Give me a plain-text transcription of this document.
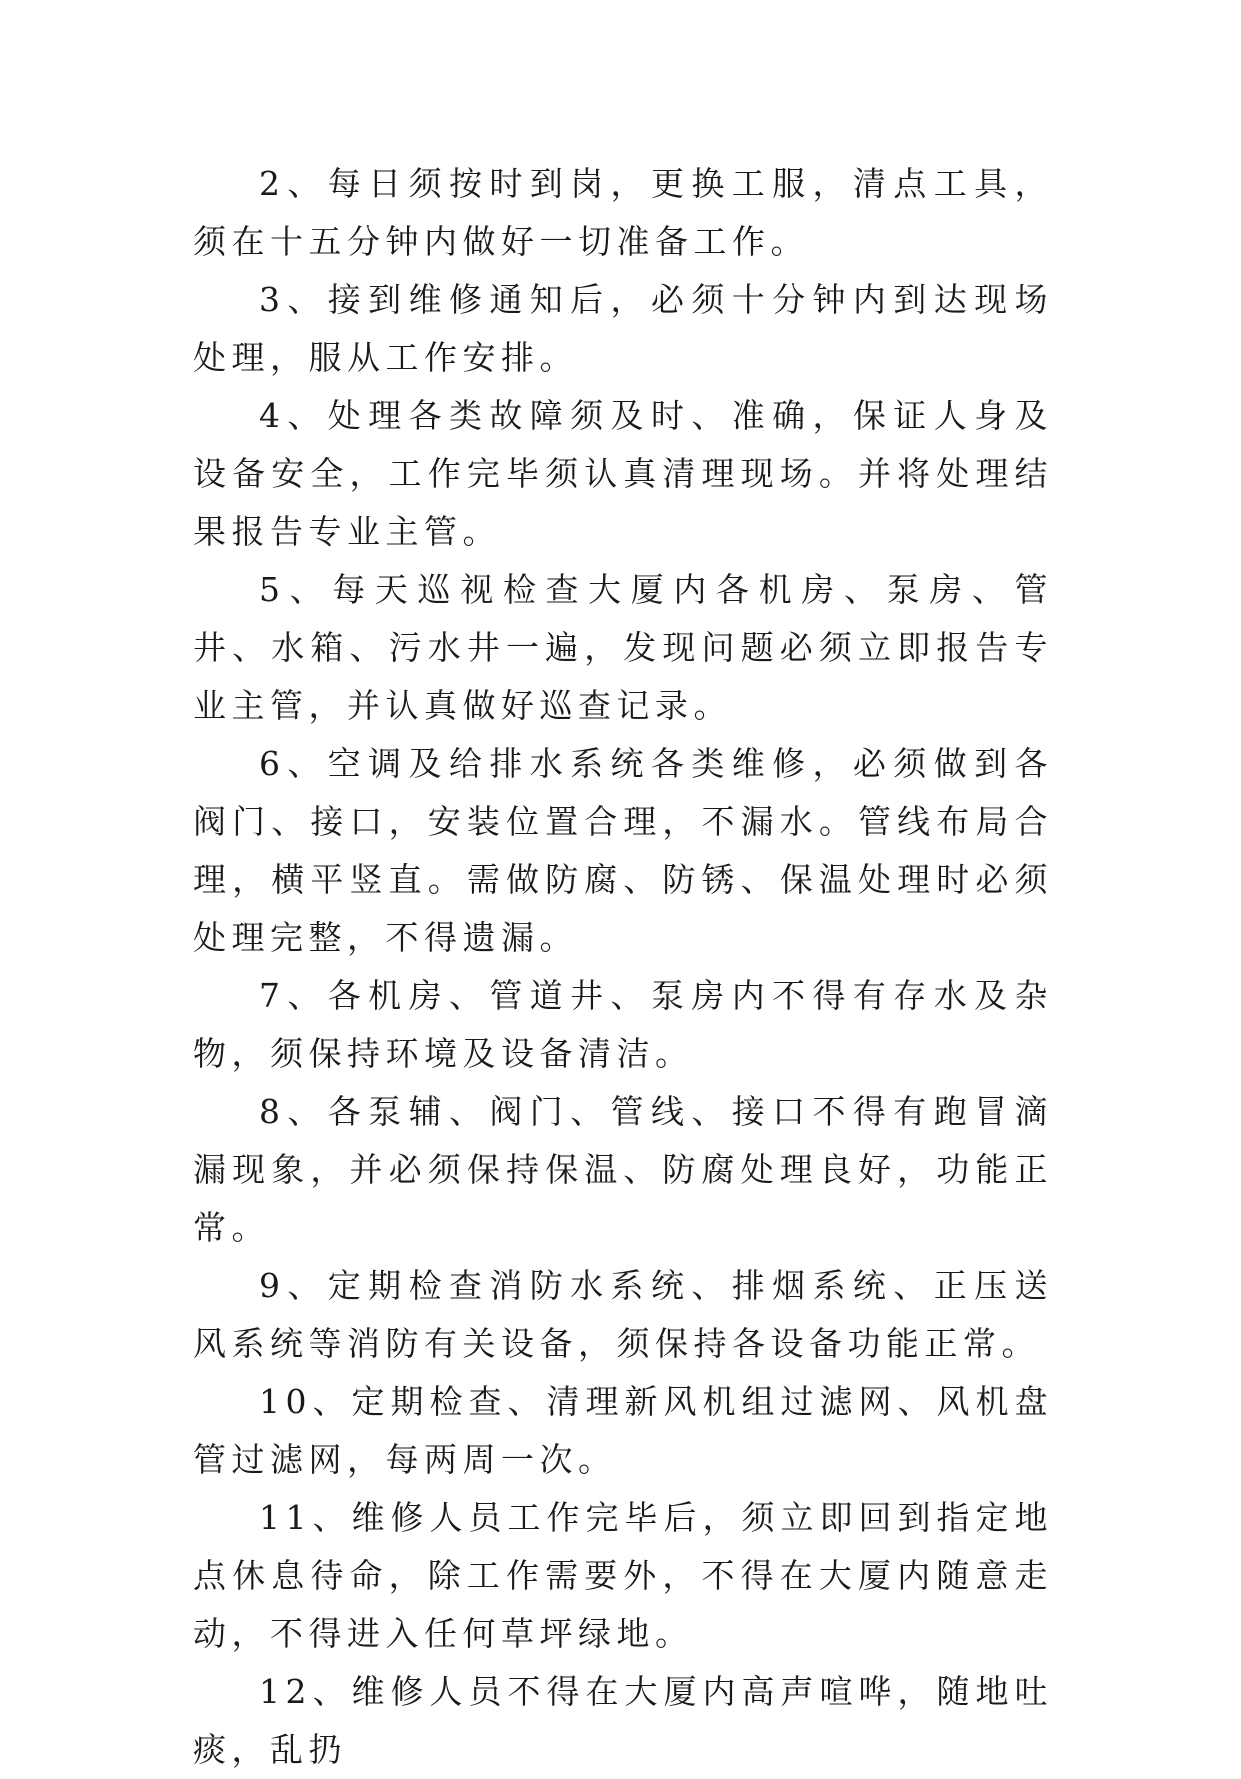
2、每日须按时到岗，更换工服，清点工具，须在十五分钟内做好一切准备工作。

3、接到维修通知后，必须十分钟内到达现场处理，服从工作安排。

4、处理各类故障须及时、准确，保证人身及设备安全，工作完毕须认真清理现场。并将处理结果报告专业主管。

5、每天巡视检查大厦内各机房、泵房、管井、水箱、污水井一遍，发现问题必须立即报告专业主管，并认真做好巡查记录。

6、空调及给排水系统各类维修，必须做到各阀门、接口，安装位置合理，不漏水。管线布局合理，横平竖直。需做防腐、防锈、保温处理时必须处理完整，不得遗漏。

7、各机房、管道井、泵房内不得有存水及杂物，须保持环境及设备清洁。

8、各泵辅、阀门、管线、接口不得有跑冒滴漏现象，并必须保持保温、防腐处理良好，功能正常。

9、定期检查消防水系统、排烟系统、正压送风系统等消防有关设备，须保持各设备功能正常。

10、定期检查、清理新风机组过滤网、风机盘管过滤网，每两周一次。

11、维修人员工作完毕后，须立即回到指定地点休息待命，除工作需要外，不得在大厦内随意走动，不得进入任何草坪绿地。

12、维修人员不得在大厦内高声喧哗，随地吐痰，乱扔
